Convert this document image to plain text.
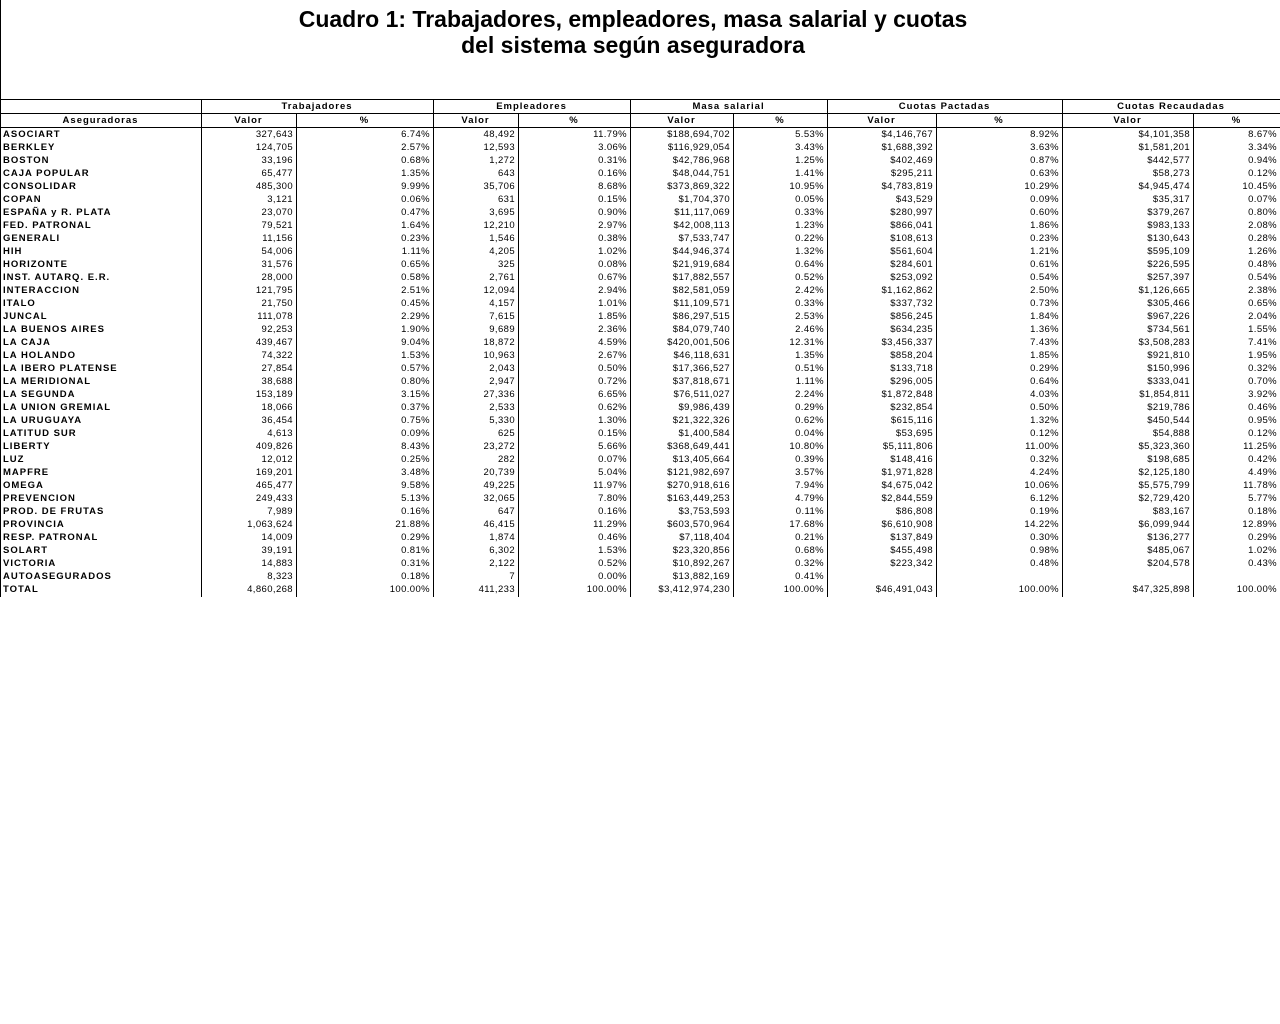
Cuadro 1: Trabajadores, empleadores, masa salarial y cuotas
del sistema según aseguradora
	Trabajadores		Empleadores		Masa salarial		Cuotas Pactadas		Cuotas Recaudadas	
Aseguradoras	Valor	%	Valor	%	Valor	%	Valor	%	Valor	%
ASOCIART	327,643	6.74%	48,492	11.79%	$188,694,702	5.53%	$4,146,767	8.92%	$4,101,358	8.67%
BERKLEY	124,705	2.57%	12,593	3.06%	$116,929,054	3.43%	$1,688,392	3.63%	$1,581,201	3.34%
BOSTON	33,196	0.68%	1,272	0.31%	$42,786,968	1.25%	$402,469	0.87%	$442,577	0.94%
CAJA POPULAR	65,477	1.35%	643	0.16%	$48,044,751	1.41%	$295,211	0.63%	$58,273	0.12%
CONSOLIDAR	485,300	9.99%	35,706	8.68%	$373,869,322	10.95%	$4,783,819	10.29%	$4,945,474	10.45%
COPAN	3,121	0.06%	631	0.15%	$1,704,370	0.05%	$43,529	0.09%	$35,317	0.07%
ESPAÑA y R. PLATA	23,070	0.47%	3,695	0.90%	$11,117,069	0.33%	$280,997	0.60%	$379,267	0.80%
FED. PATRONAL	79,521	1.64%	12,210	2.97%	$42,008,113	1.23%	$866,041	1.86%	$983,133	2.08%
GENERALI	11,156	0.23%	1,546	0.38%	$7,533,747	0.22%	$108,613	0.23%	$130,643	0.28%
HIH	54,006	1.11%	4,205	1.02%	$44,946,374	1.32%	$561,604	1.21%	$595,109	1.26%
HORIZONTE	31,576	0.65%	325	0.08%	$21,919,684	0.64%	$284,601	0.61%	$226,595	0.48%
INST. AUTARQ. E.R.	28,000	0.58%	2,761	0.67%	$17,882,557	0.52%	$253,092	0.54%	$257,397	0.54%
INTERACCION	121,795	2.51%	12,094	2.94%	$82,581,059	2.42%	$1,162,862	2.50%	$1,126,665	2.38%
ITALO	21,750	0.45%	4,157	1.01%	$11,109,571	0.33%	$337,732	0.73%	$305,466	0.65%
JUNCAL	111,078	2.29%	7,615	1.85%	$86,297,515	2.53%	$856,245	1.84%	$967,226	2.04%
LA BUENOS AIRES	92,253	1.90%	9,689	2.36%	$84,079,740	2.46%	$634,235	1.36%	$734,561	1.55%
LA CAJA	439,467	9.04%	18,872	4.59%	$420,001,506	12.31%	$3,456,337	7.43%	$3,508,283	7.41%
LA HOLANDO	74,322	1.53%	10,963	2.67%	$46,118,631	1.35%	$858,204	1.85%	$921,810	1.95%
LA IBERO PLATENSE	27,854	0.57%	2,043	0.50%	$17,366,527	0.51%	$133,718	0.29%	$150,996	0.32%
LA MERIDIONAL	38,688	0.80%	2,947	0.72%	$37,818,671	1.11%	$296,005	0.64%	$333,041	0.70%
LA SEGUNDA	153,189	3.15%	27,336	6.65%	$76,511,027	2.24%	$1,872,848	4.03%	$1,854,811	3.92%
LA UNION GREMIAL	18,066	0.37%	2,533	0.62%	$9,986,439	0.29%	$232,854	0.50%	$219,786	0.46%
LA URUGUAYA	36,454	0.75%	5,330	1.30%	$21,322,326	0.62%	$615,116	1.32%	$450,544	0.95%
LATITUD SUR	4,613	0.09%	625	0.15%	$1,400,584	0.04%	$53,695	0.12%	$54,888	0.12%
LIBERTY	409,826	8.43%	23,272	5.66%	$368,649,441	10.80%	$5,111,806	11.00%	$5,323,360	11.25%
LUZ	12,012	0.25%	282	0.07%	$13,405,664	0.39%	$148,416	0.32%	$198,685	0.42%
MAPFRE	169,201	3.48%	20,739	5.04%	$121,982,697	3.57%	$1,971,828	4.24%	$2,125,180	4.49%
OMEGA	465,477	9.58%	49,225	11.97%	$270,918,616	7.94%	$4,675,042	10.06%	$5,575,799	11.78%
PREVENCION	249,433	5.13%	32,065	7.80%	$163,449,253	4.79%	$2,844,559	6.12%	$2,729,420	5.77%
PROD. DE FRUTAS	7,989	0.16%	647	0.16%	$3,753,593	0.11%	$86,808	0.19%	$83,167	0.18%
PROVINCIA	1,063,624	21.88%	46,415	11.29%	$603,570,964	17.68%	$6,610,908	14.22%	$6,099,944	12.89%
RESP. PATRONAL	14,009	0.29%	1,874	0.46%	$7,118,404	0.21%	$137,849	0.30%	$136,277	0.29%
SOLART	39,191	0.81%	6,302	1.53%	$23,320,856	0.68%	$455,498	0.98%	$485,067	1.02%
VICTORIA	14,883	0.31%	2,122	0.52%	$10,892,267	0.32%	$223,342	0.48%	$204,578	0.43%
AUTOASEGURADOS	8,323	0.18%	7	0.00%	$13,882,169	0.41%				
TOTAL	4,860,268	100.00%	411,233	100.00%	$3,412,974,230	100.00%	$46,491,043	100.00%	$47,325,898	100.00%
